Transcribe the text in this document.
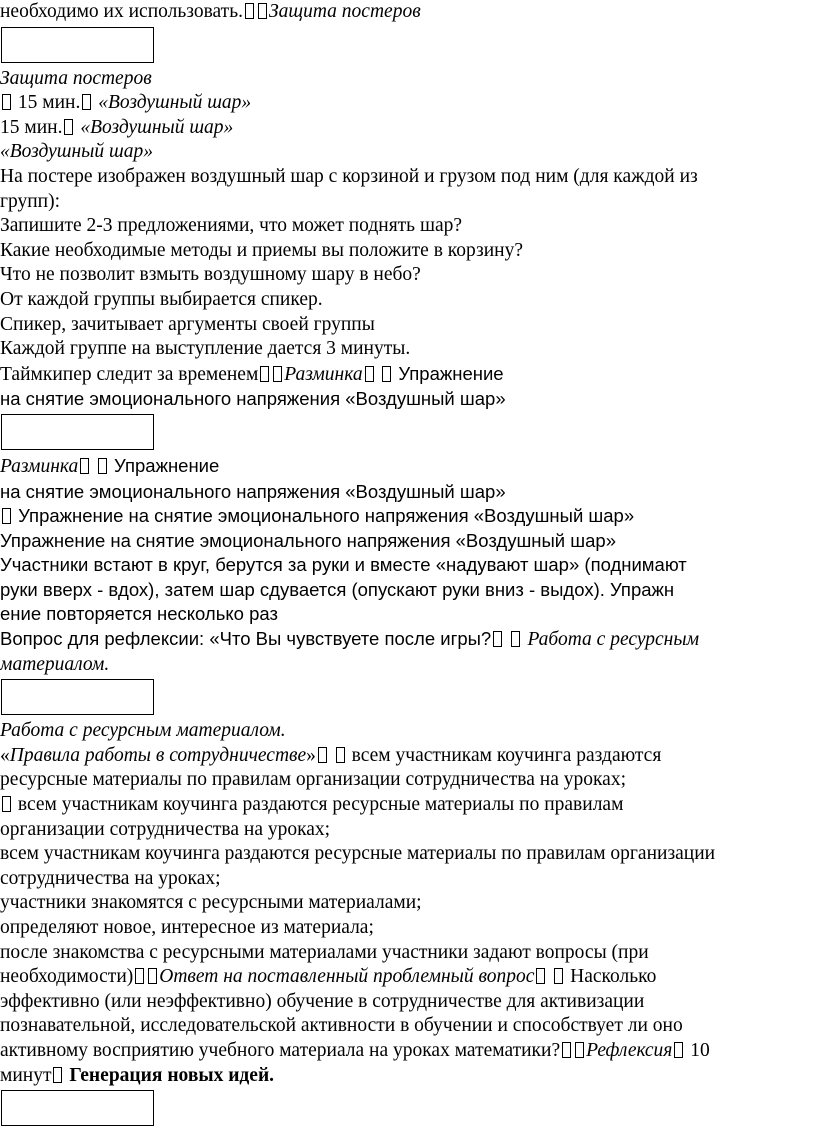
необходимо их использовать. Защита постеров

Защита постеров

15 мин. «Воздушный шар»

15 мин. «Воздушный шар»

«Воздушный шар»

На постере изображен воздушный шар с корзиной и грузом под ним (для каждой из

групп):

Запишите 2-3 предложениями, что может поднять шар?

Какие необходимые методы и приемы вы положите в корзину?

Что не позволит взмыть воздушному шару в небо?

От каждой группы выбирается спикер.

Спикер, зачитывает аргументы своей группы

Каждой группе на выступление дается 3 минуты.

Таймкипер следит за временем Разминка Упражнение

на снятие эмоционального напряжения «Воздушный шар»

Разминка Упражнение

на снятие эмоционального напряжения «Воздушный шар»

Упражнение на снятие эмоционального напряжения «Воздушный шар»

Упражнение на снятие эмоционального напряжения «Воздушный шар»

Участники встают в круг, берутся за руки и вместе «надувают шар» (поднимают

руки вверх - вдох), затем шар сдувается (опускают руки вниз - выдох). Упражн

ение повторяется несколько раз

Вопрос для рефлексии: «Что Вы чувствуете после игры? Работа с ресурсным

материалом.

Работа с ресурсным материалом.

«Правила работы в сотрудничестве» всем участникам коучинга раздаются

ресурсные материалы по правилам организации сотрудничества на уроках;

всем участникам коучинга раздаются ресурсные материалы по правилам

организации сотрудничества на уроках;

всем участникам коучинга раздаются ресурсные материалы по правилам организации

сотрудничества на уроках;

участники знакомятся с ресурсными материалами;

определяют новое, интересное из материала;

после знакомства с ресурсными материалами участники задают вопросы (при

необходимости) Ответ на поставленный проблемный вопрос Насколько

эффективно (или неэффективно) обучение в сотрудничестве для активизации

познавательной, исследовательской активности в обучении и способствует ли оно

активному восприятию учебного материала на уроках математики? Рефлексия 10

минут Генерация новых идей.
